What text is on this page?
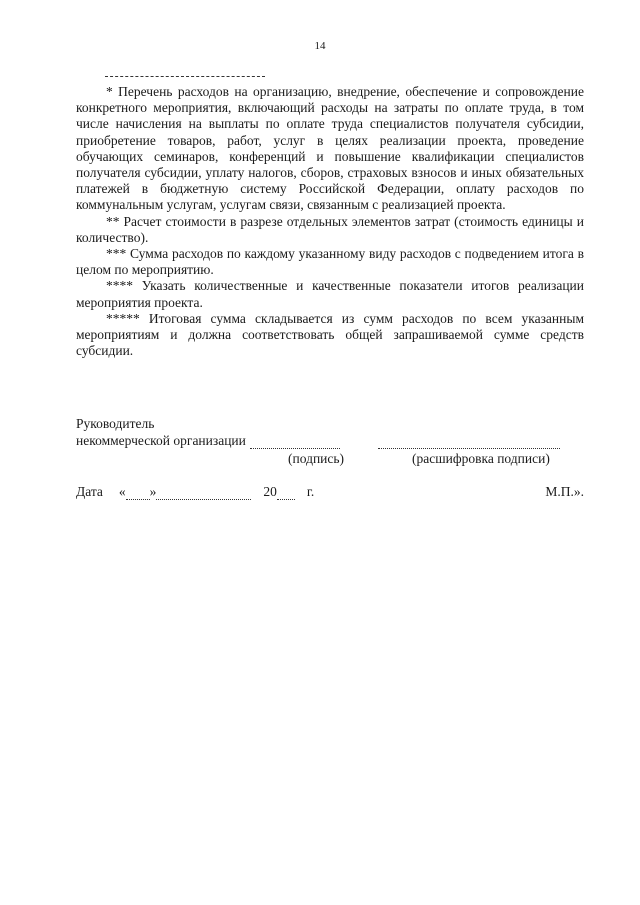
14

* Перечень расходов на организацию, внедрение, обеспечение и сопровождение конкретного мероприятия, включающий расходы на затраты по оплате труда, в том числе начисления на выплаты по оплате труда специалистов получателя субсидии, приобретение товаров, работ, услуг в целях реализации проекта, проведение обучающих семинаров, конференций и повышение квалификации специалистов получателя субсидии, уплату налогов, сборов, страховых взносов и иных обязательных платежей в бюджетную систему Российской Федерации, оплату расходов по коммунальным услугам, услугам связи, связанным с реализацией проекта.

** Расчет стоимости в разрезе отдельных элементов затрат (стоимость единицы и количество).

*** Сумма расходов по каждому указанному виду расходов с подведением итога в целом по мероприятию.

**** Указать количественные и качественные показатели итогов реализации мероприятия проекта.

***** Итоговая сумма складывается из сумм расходов по всем указанным мероприятиям и должна соответствовать общей запрашиваемой сумме средств субсидии.

Руководитель
некоммерческой организации
(подпись)	(расшифровка подписи)
Дата « »	20 г.	М.П.».
